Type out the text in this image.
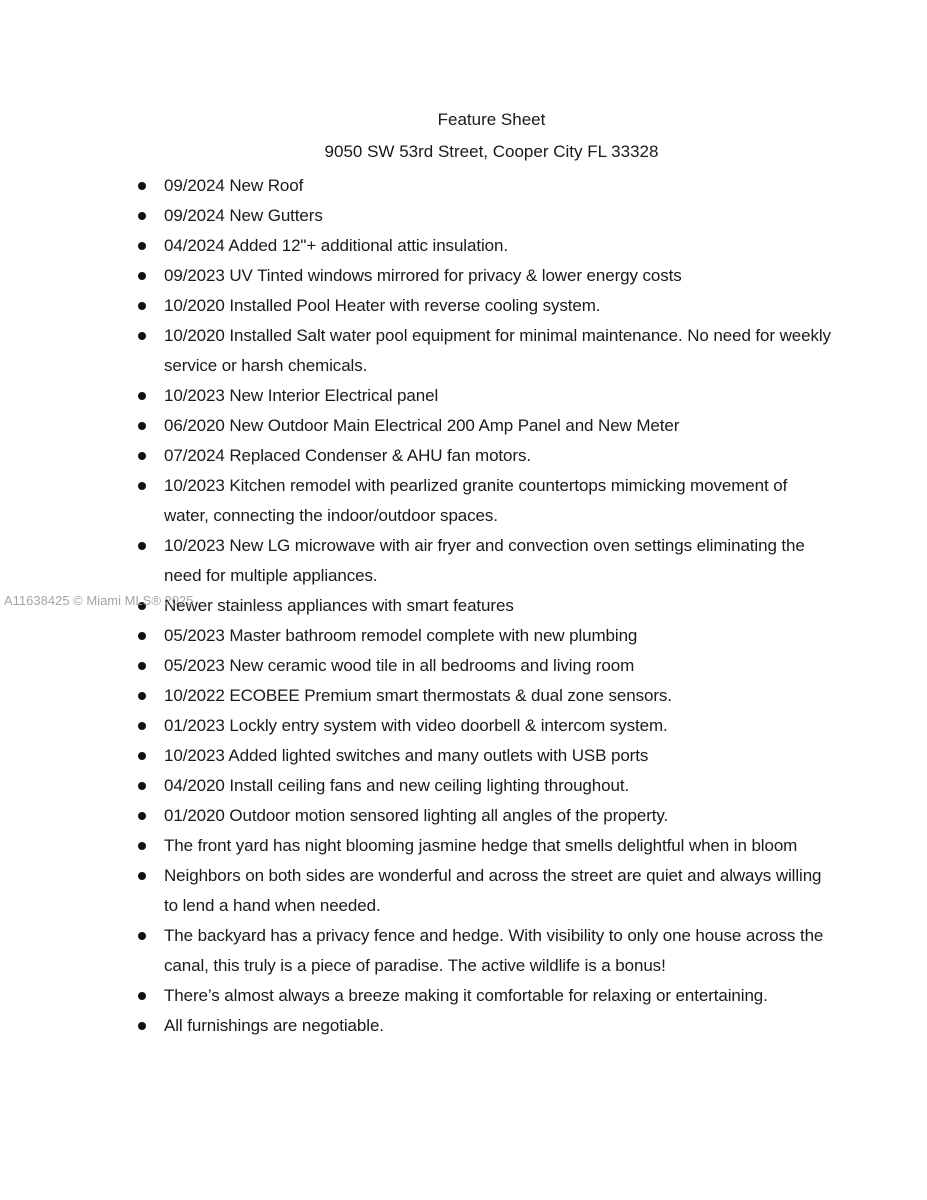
Feature Sheet
9050 SW 53rd Street, Cooper City FL 33328
09/2024 New Roof
09/2024 New Gutters
04/2024 Added 12"+ additional attic insulation.
09/2023 UV Tinted windows mirrored for privacy & lower energy costs
10/2020 Installed Pool Heater with reverse cooling system.
10/2020 Installed Salt water pool equipment for minimal maintenance. No need for weekly service or harsh chemicals.
10/2023 New Interior Electrical panel
06/2020 New Outdoor Main Electrical 200 Amp Panel and New Meter
07/2024 Replaced Condenser & AHU fan motors.
10/2023 Kitchen remodel with pearlized granite countertops mimicking movement of water, connecting the indoor/outdoor spaces.
10/2023 New LG microwave with air fryer and convection oven settings eliminating the need for multiple appliances.
Newer stainless appliances with smart features
05/2023 Master bathroom remodel complete with new plumbing
05/2023 New ceramic wood tile in all bedrooms and living room
10/2022 ECOBEE Premium smart thermostats & dual zone sensors.
01/2023 Lockly entry system with video doorbell & intercom system.
10/2023 Added lighted switches and many outlets with USB ports
04/2020 Install ceiling fans and new ceiling lighting throughout.
01/2020 Outdoor motion sensored lighting all angles of the property.
The front yard has night blooming jasmine hedge that smells delightful when in bloom
Neighbors on both sides are wonderful and across the street are quiet and always willing to lend a hand when needed.
The backyard has a privacy fence and hedge. With visibility to only one house across the canal, this truly is a piece of paradise. The active wildlife is a bonus!
There’s almost always a breeze making it comfortable for relaxing or entertaining.
All furnishings are negotiable.
A11638425 © Miami MLS® 2025
